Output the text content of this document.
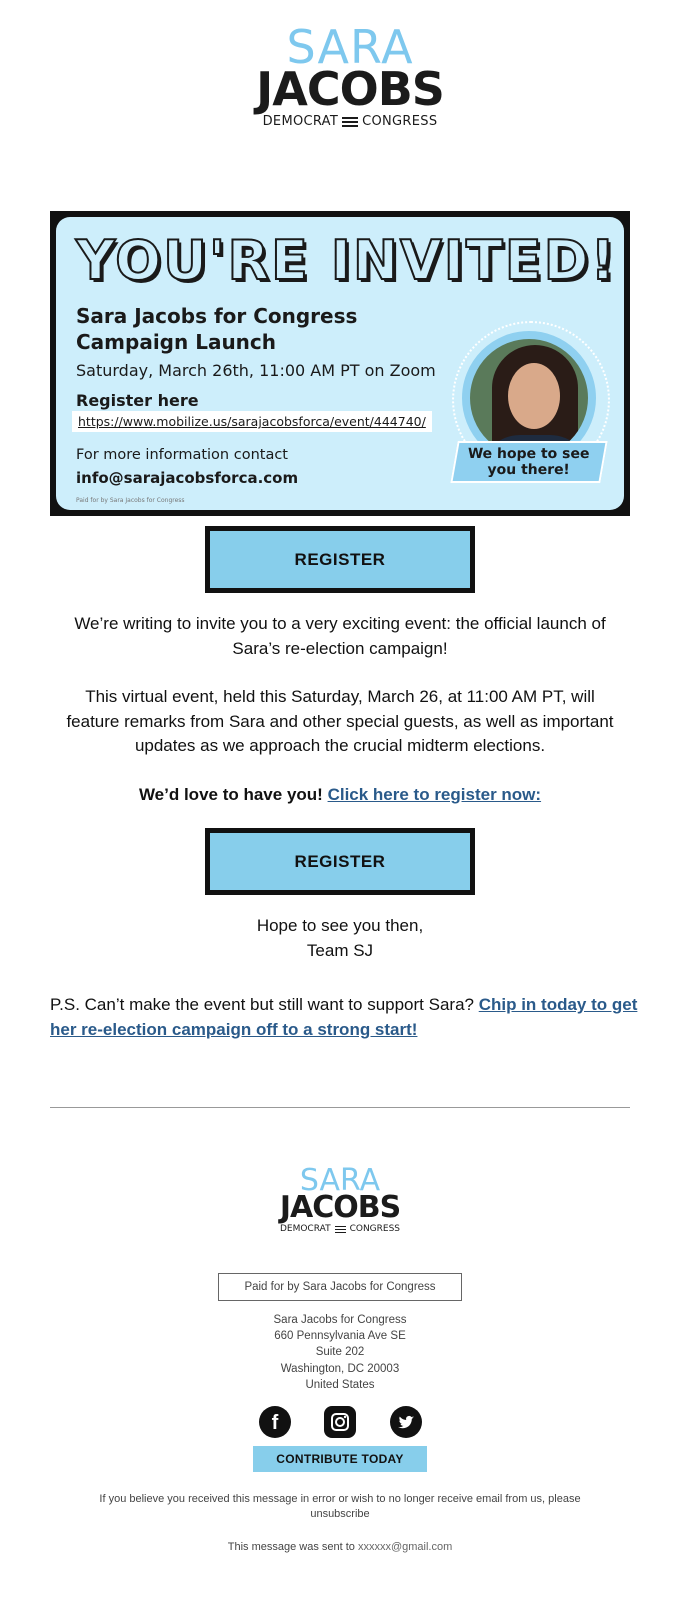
SARA
JACOBS
DEMOCRAT CONGRESS
YOU'RE INVITED!
Sara Jacobs for Congress
Campaign Launch
Saturday, March 26th, 11:00 AM PT on Zoom
Register here
https://www.mobilize.us/sarajacobsforca/event/444740/
For more information contact
info@sarajacobsforca.com
Paid for by Sara Jacobs for Congress
We hope to see
you there!
REGISTER

We’re writing to invite you to a very exciting event: the official launch of
Sara’s re-election campaign!

This virtual event, held this Saturday, March 26, at 11:00 AM PT, will
feature remarks from Sara and other special guests, as well as important
updates as we approach the crucial midterm elections.

We’d love to have you! Click here to register now:

REGISTER

Hope to see you then,
Team SJ

P.S. Can’t make the event but still want to support Sara? Chip in today to get her re-election campaign off to a strong start!

SARA
JACOBS
DEMOCRAT CONGRESS
Paid for by Sara Jacobs for Congress
Sara Jacobs for Congress
660 Pennsylvania Ave SE
Suite 202
Washington, DC 20003
United States
f
CONTRIBUTE TODAY
If you believe you received this message in error or wish to no longer receive email from us, please
unsubscribe
This message was sent to xxxxxx@gmail.com
